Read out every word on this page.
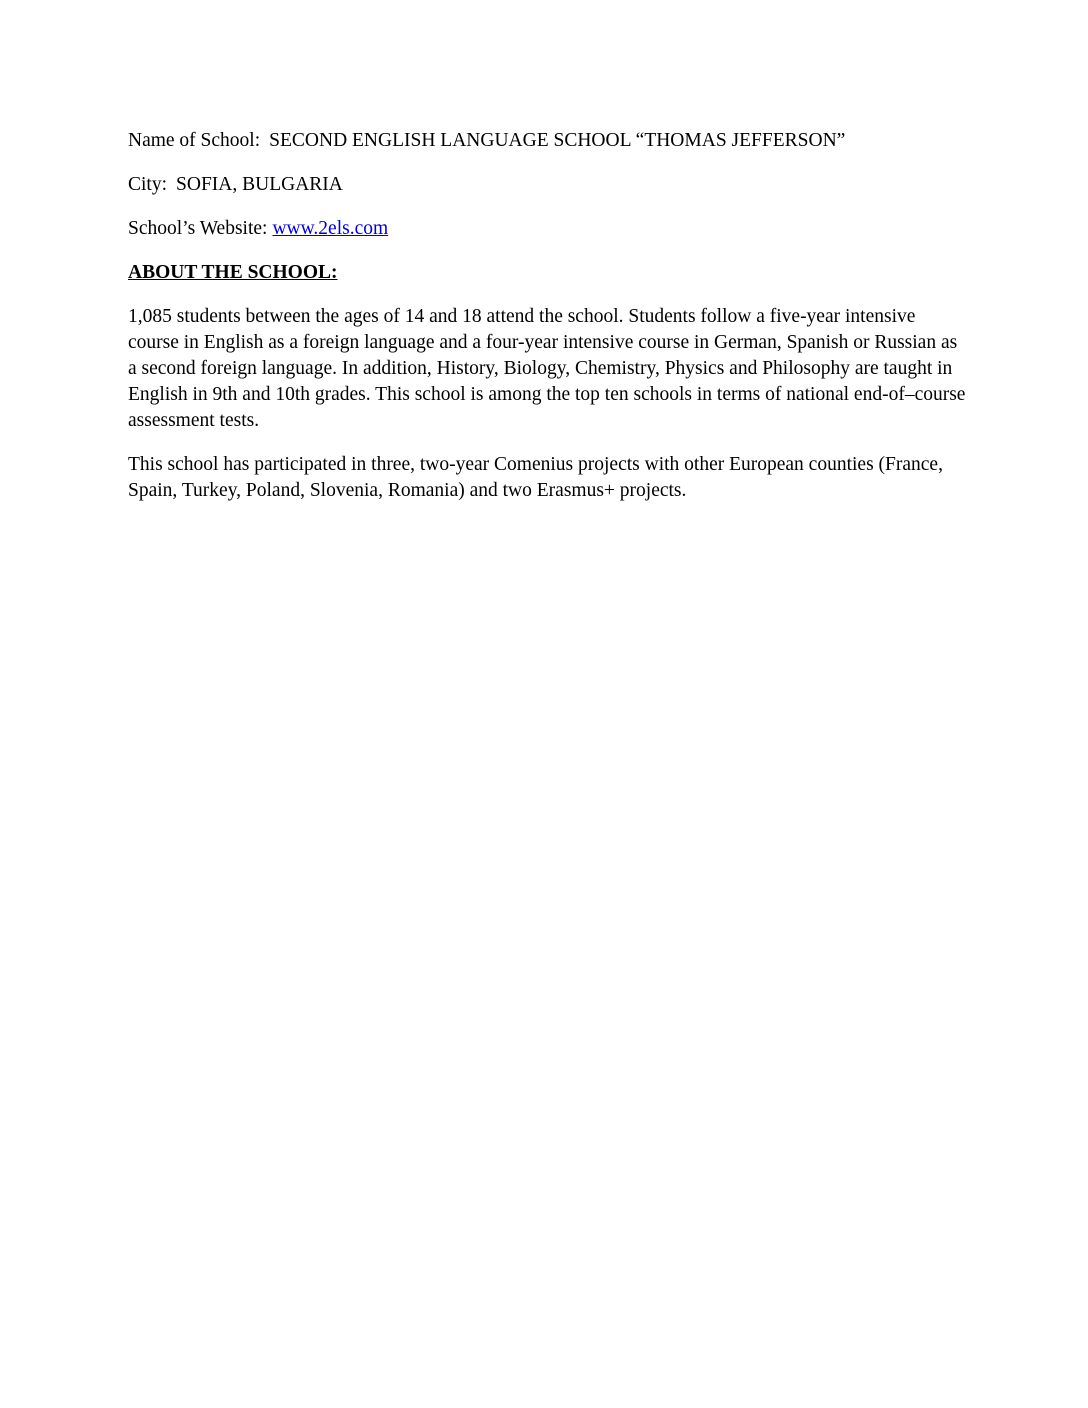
Name of School: SECOND ENGLISH LANGUAGE SCHOOL “THOMAS JEFFERSON”

City: SOFIA, BULGARIA

School’s Website: www.2els.com

ABOUT THE SCHOOL:

1,085 students between the ages of 14 and 18 attend the school. Students follow a five-year intensive course in English as a foreign language and a four-year intensive course in German, Spanish or Russian as a second foreign language. In addition, History, Biology, Chemistry, Physics and Philosophy are taught in English in 9th and 10th grades. This school is among the top ten schools in terms of national end-of–course assessment tests.

This school has participated in three, two-year Comenius projects with other European counties (France, Spain, Turkey, Poland, Slovenia, Romania) and two Erasmus+ projects.
